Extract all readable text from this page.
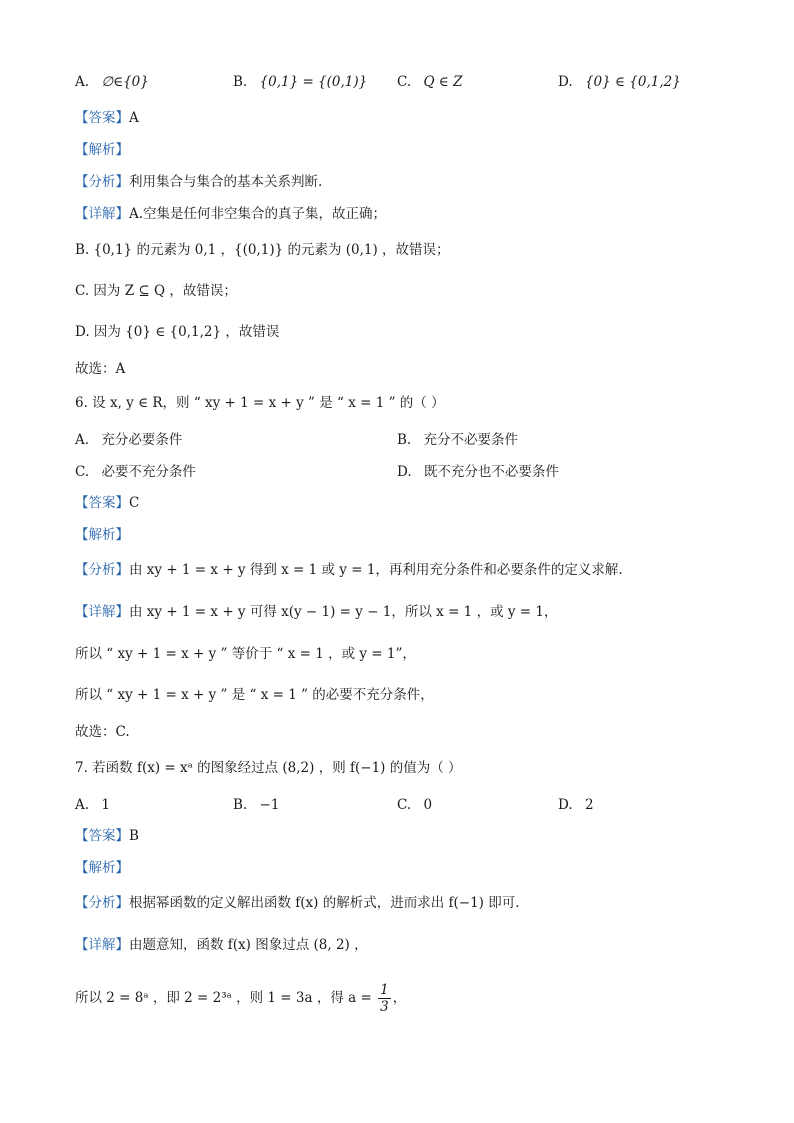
A. ∅∈{0}	B. {0,1} = {(0,1)} C. Q ∈ Z	D. {0} ∈ {0,1,2}
【答案】A
【解析】
【分析】利用集合与集合的基本关系判断.
【详解】A.空集是任何非空集合的真子集，故正确；
B. {0,1} 的元素为 0,1 ，{(0,1)} 的元素为 (0,1) ，故错误；
C. 因为 Z ⊆ Q ，故错误；
D. 因为 {0} ∈ {0,1,2} ，故错误
故选：A
6. 设 x, y ∈ R，则 “ xy + 1 = x + y ” 是 “ x = 1 ” 的（ ）
A. 充分必要条件	B. 充分不必要条件
C. 必要不充分条件	D. 既不充分也不必要条件
【答案】C
【解析】
【分析】由 xy + 1 = x + y 得到 x = 1 或 y = 1，再利用充分条件和必要条件的定义求解.
【详解】由 xy + 1 = x + y 可得 x(y − 1) = y − 1，所以 x = 1 ，或 y = 1，
所以 “ xy + 1 = x + y ” 等价于 “ x = 1 ，或 y = 1”，
所以 “ xy + 1 = x + y ” 是 “ x = 1 ” 的必要不充分条件，
故选：C.
7. 若函数 f(x) = xᵃ 的图象经过点 (8,2) ，则 f(−1) 的值为（ ）
A. 1	B. −1	C. 0	D. 2
【答案】B
【解析】
【分析】根据幂函数的定义解出函数 f(x) 的解析式，进而求出 f(−1) 即可.
【详解】由题意知，函数 f(x) 图象过点 (8, 2) ，
所以 2 = 8ᵃ ，即 2 = 2³ᵃ ，则 1 = 3a ，得 $a = \frac{1}{3}$ ，
